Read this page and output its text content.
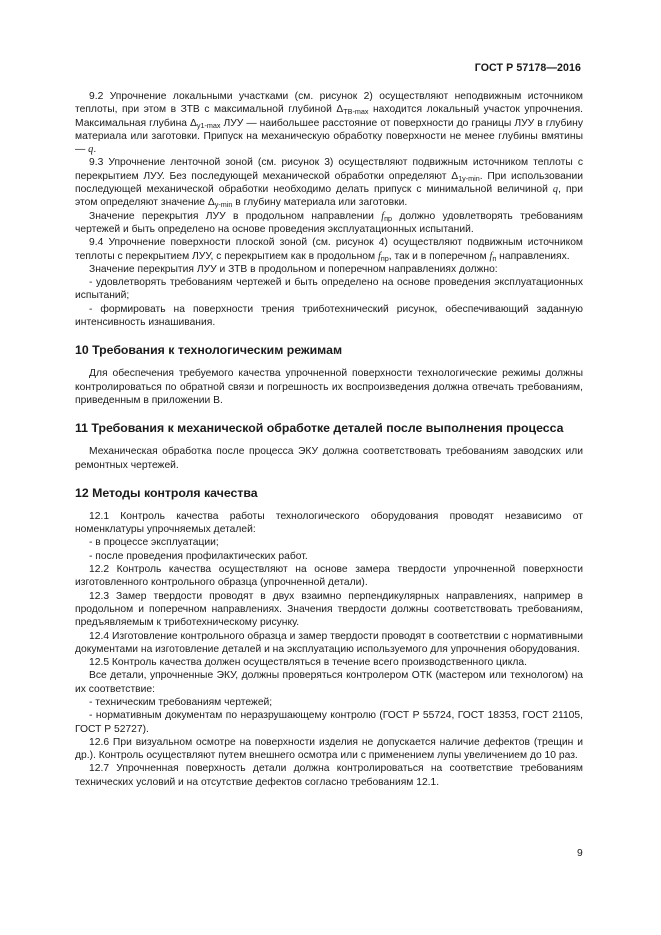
ГОСТ Р 57178—2016

9.2 Упрочнение локальными участками (см. рисунок 2) осуществляют неподвижным источником теплоты, при этом в ЗТВ с максимальной глубиной $\Delta_{ТВ-max}$ находится локальный участок упрочнения. Максимальная глубина $\Delta_{у1-max}$ ЛУУ — наибольшее расстояние от поверхности до границы ЛУУ в глубину материала или заготовки. Припуск на механическую обработку поверхности не менее глубины вмятины — q.

9.3 Упрочнение ленточной зоной (см. рисунок 3) осуществляют подвижным источником теплоты с перекрытием ЛУУ. Без последующей механической обработки определяют $\Delta_{1у-min}$. При использовании последующей механической обработки необходимо делать припуск с минимальной величиной q, при этом определяют значение $\Delta_{у-min}$ в глубину материала или заготовки.

Значение перекрытия ЛУУ в продольном направлении $f_{пр}$ должно удовлетворять требованиям чертежей и быть определено на основе проведения эксплуатационных испытаний.

9.4 Упрочнение поверхности плоской зоной (см. рисунок 4) осуществляют подвижным источником теплоты с перекрытием ЛУУ, с перекрытием как в продольном $f_{пр}$, так и в поперечном $f_п$ направлениях.

Значение перекрытия ЛУУ и ЗТВ в продольном и поперечном направлениях должно:

- удовлетворять требованиям чертежей и быть определено на основе проведения эксплуатационных испытаний;

- формировать на поверхности трения триботехнический рисунок, обеспечивающий заданную интенсивность изнашивания.

10 Требования к технологическим режимам

Для обеспечения требуемого качества упрочненной поверхности технологические режимы должны контролироваться по обратной связи и погрешность их воспроизведения должна отвечать требованиям, приведенным в приложении В.

11 Требования к механической обработке деталей после выполнения процесса

Механическая обработка после процесса ЭКУ должна соответствовать требованиям заводских или ремонтных чертежей.

12 Методы контроля качества

12.1 Контроль качества работы технологического оборудования проводят независимо от номенклатуры упрочняемых деталей:

- в процессе эксплуатации;

- после проведения профилактических работ.

12.2 Контроль качества осуществляют на основе замера твердости упрочненной поверхности изготовленного контрольного образца (упрочненной детали).

12.3 Замер твердости проводят в двух взаимно перпендикулярных направлениях, например в продольном и поперечном направлениях. Значения твердости должны соответствовать требованиям, предъявляемым к триботехническому рисунку.

12.4 Изготовление контрольного образца и замер твердости проводят в соответствии с нормативными документами на изготовление деталей и на эксплуатацию используемого для упрочнения оборудования.

12.5 Контроль качества должен осуществляться в течение всего производственного цикла.

Все детали, упрочненные ЭКУ, должны проверяться контролером ОТК (мастером или технологом) на их соответствие:

- техническим требованиям чертежей;

- нормативным документам по неразрушающему контролю (ГОСТ Р 55724, ГОСТ 18353, ГОСТ 21105, ГОСТ Р 52727).

12.6 При визуальном осмотре на поверхности изделия не допускается наличие дефектов (трещин и др.). Контроль осуществляют путем внешнего осмотра или с применением лупы увеличением до 10 раз.

12.7 Упрочненная поверхность детали должна контролироваться на соответствие требованиям технических условий и на отсутствие дефектов согласно требованиям 12.1.

9
